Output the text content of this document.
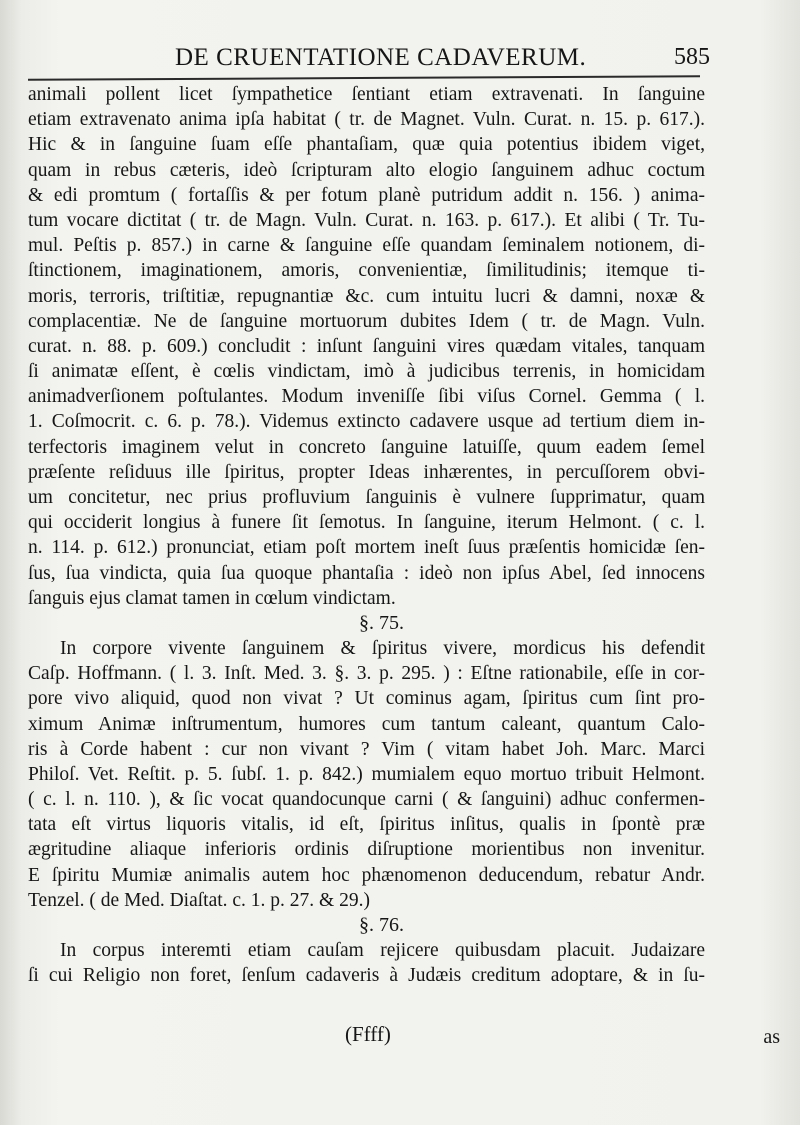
DE CRUENTATIONE CADAVERUM.	585
animali pollent licet ſympathetice ſentiant etiam extravenati. In ſanguine
etiam extravenato anima ipſa habitat ( tr. de Magnet. Vuln. Curat. n. 15. p. 617.).
Hic & in ſanguine ſuam eſſe phantaſiam, quæ quia potentius ibidem viget,
quam in rebus cæteris, ideò ſcripturam alto elogio ſanguinem adhuc coctum
& edi promtum ( fortaſſis & per fotum planè putridum addit n. 156. ) anima-
tum vocare dictitat ( tr. de Magn. Vuln. Curat. n. 163. p. 617.). Et alibi ( Tr. Tu-
mul. Peſtis p. 857.) in carne & ſanguine eſſe quandam ſeminalem notionem, di-
ſtinctionem, imaginationem, amoris, convenientiæ, ſimilitudinis; itemque ti-
moris, terroris, triſtitiæ, repugnantiæ &c. cum intuitu lucri & damni, noxæ &
complacentiæ. Ne de ſanguine mortuorum dubites Idem ( tr. de Magn. Vuln.
curat. n. 88. p. 609.) concludit : inſunt ſanguini vires quædam vitales, tanquam
ſi animatæ eſſent, è cœlis vindictam, imò à judicibus terrenis, in homicidam
animadverſionem poſtulantes. Modum inveniſſe ſibi viſus Cornel. Gemma ( l.
1. Coſmocrit. c. 6. p. 78.). Videmus extincto cadavere usque ad tertium diem in-
terfectoris imaginem velut in concreto ſanguine latuiſſe, quum eadem ſemel
præſente reſiduus ille ſpiritus, propter Ideas inhærentes, in percuſſorem obvi-
um concitetur, nec prius profluvium ſanguinis è vulnere ſupprimatur, quam
qui occiderit longius à funere ſit ſemotus. In ſanguine, iterum Helmont. ( c. l.
n. 114. p. 612.) pronunciat, etiam poſt mortem ineſt ſuus præſentis homicidæ ſen-
ſus, ſua vindicta, quia ſua quoque phantaſia : ideò non ipſus Abel, ſed innocens
ſanguis ejus clamat tamen in cœlum vindictam.
§. 75.
In corpore vivente ſanguinem & ſpiritus vivere, mordicus his defendit
Caſp. Hoffmann. ( l. 3. Inſt. Med. 3. §. 3. p. 295. ) : Eſtne rationabile, eſſe in cor-
pore vivo aliquid, quod non vivat ? Ut cominus agam, ſpiritus cum ſint pro-
ximum Animæ inſtrumentum, humores cum tantum caleant, quantum Calo-
ris à Corde habent : cur non vivant ? Vim ( vitam habet Joh. Marc. Marci
Philoſ. Vet. Reſtit. p. 5. ſubſ. 1. p. 842.) mumialem equo mortuo tribuit Helmont.
( c. l. n. 110. ), & ſic vocat quandocunque carni ( & ſanguini) adhuc confermen-
tata eſt virtus liquoris vitalis, id eſt, ſpiritus inſitus, qualis in ſpontè præ
ægritudine aliaque inferioris ordinis diſruptione morientibus non invenitur.
E ſpiritu Mumiæ animalis autem hoc phænomenon deducendum, rebatur Andr.
Tenzel. ( de Med. Diaſtat. c. 1. p. 27. & 29.)
§. 76.
In corpus interemti etiam cauſam rejicere quibusdam placuit. Judaizare
ſi cui Religio non foret, ſenſum cadaveris à Judæis creditum adoptare, & in ſu-
(Ffff)	as
